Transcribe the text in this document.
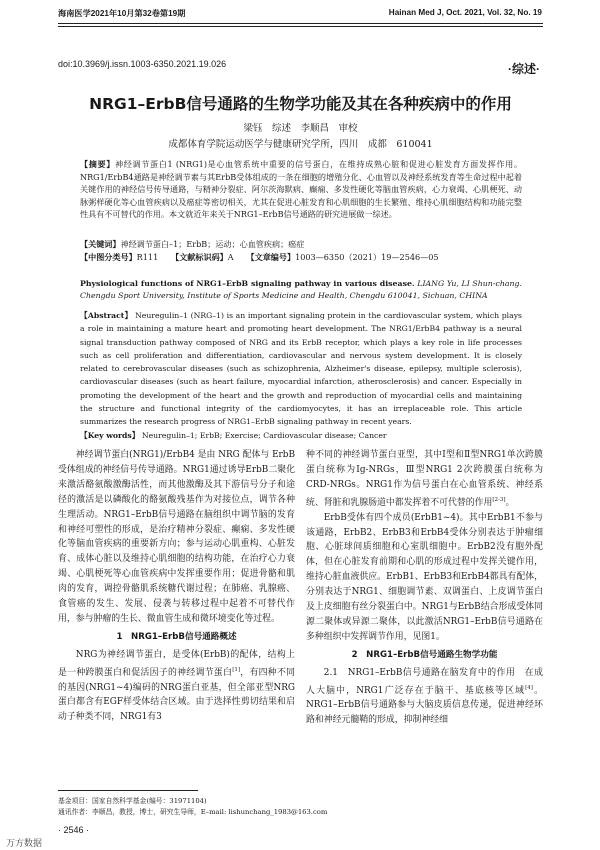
海南医学2021年10月第32卷第19期	Hainan Med J, Oct. 2021, Vol. 32, No. 19
doi:10.3969/j.issn.1003-6350.2021.19.026	·综述·
NRG1–ErbB信号通路的生物学功能及其在各种疾病中的作用
梁钰　综述　李顺昌　审校
成都体育学院运动医学与健康研究学所，四川　成都　610041
【摘要】神经调节蛋白1 (NRG1)是心血管系统中重要的信号蛋白，在维持成熟心脏和促进心脏发育方面发挥作用。NRG1/ErbB4通路是神经调节素与其ErbB受体组成的一条在细胞的增殖分化、心血管以及神经系统发育等生命过程中起着关键作用的神经信号传导通路，与精神分裂症、阿尔茨海默病、癫痫、多发性硬化等脑血管疾病，心力衰竭、心肌梗死、动脉粥样硬化等心血管疾病以及癌症等密切相关，尤其在促进心脏发育和心肌细胞的生长繁殖、维持心肌细胞结构和功能完整性具有不可替代的作用。本文就近年来关于NRG1–ErbB信号通路的研究进展做一综述。
【关键词】神经调节蛋白–1；ErbB；运动；心血管疾病；癌症
【中图分类号】R111 【文献标识码】A 【文章编号】1003—6350（2021）19—2546—05
Physiological functions of NRG1–ErbB signaling pathway in various disease. LIANG Yu, LI Shun-chang. Chengdu Sport University, Institute of Sports Medicine and Health, Chengdu 610041, Sichuan, CHINA
【Abstract】 Neuregulin–1 (NRG–1) is an important signaling protein in the cardiovascular system, which plays a role in maintaining a mature heart and promoting heart development. The NRG1/ErbB4 pathway is a neural signal transduction pathway composed of NRG and its ErbB receptor, which plays a key role in life processes such as cell proliferation and differentiation, cardiovascular and nervous system development. It is closely related to cerebrovascular diseases (such as schizophrenia, Alzheimer's disease, epilepsy, multiple sclerosis), cardiovascular diseases (such as heart failure, myocardial infarction, atherosclerosis) and cancer. Especially in promoting the development of the heart and the growth and reproduction of myocardial cells and maintaining the structure and functional integrity of the cardiomyocytes, it has an irreplaceable role. This article summarizes the research progress of NRG1–ErbB signaling pathway in recent years.
【Key words】 Neuregulin–1; ErbB; Exercise; Cardiovascular disease; Cancer

神经调节蛋白(NRG1)/ErbB4 是由 NRG 配体与 ErbB受体组成的神经信号传导通路。NRG1通过诱导ErbB二聚化来激活酪氨酸激酶活性，而其他激酶及其下游信号分子和途径的激活是以磷酸化的酪氨酸残基作为对接位点，调节各种生理活动。NRG1–ErbB信号通路在脑组织中调节脑的发育和神经可塑性的形成，是治疗精神分裂症、癫痫、多发性硬化等脑血管疾病的重要新方向；参与运动心肌重构、心脏发育、成体心脏以及维持心肌细胞的结构功能，在治疗心力衰竭、心肌梗死等心血管疾病中发挥重要作用；促进骨骼和肌肉的发育，调控骨骼肌系统糖代谢过程；在肺癌、乳腺癌、食管癌的发生、发展、侵袭与转移过程中起着不可替代作用，参与肿瘤的生长、微血管生成和微环境变化等过程。

1　NRG1–ErbB信号通路概述

NRG为神经调节蛋白，是受体(ErbB)的配体，结构上是一种跨膜蛋白和促活因子的神经调节蛋白[1]，有四种不同的基因(NRG1~4)编码的NRG蛋白亚基，但全部亚型NRG蛋白都含有EGF样受体结合区域。由于选择性剪切结果和启动子种类不同，NRG1有3

种不同的神经调节蛋白亚型，其中Ⅰ型和Ⅱ型NRG1单次跨膜蛋白统称为Ig-NRGs，Ⅲ型NRG1 2次跨膜蛋白统称为CRD-NRGs。NRG1作为信号蛋白在心血管系统、神经系统、肾脏和乳腺肠道中都发挥着不可代替的作用[2-3]。

ErbB受体有四个成员(ErbB1~4)。其中ErbB1不参与该通路，ErbB2、ErbB3和ErbB4受体分别表达于肿瘤细胞、心脏球间质细胞和心室肌细胞中。ErbB2没有胞外配体，但在心脏发育前期和心肌的形成过程中发挥关键作用，维持心脏血液供应。ErbB1、ErbB3和ErbB4都具有配体，分别表达于NRG1、细胞调节素、双调蛋白、上皮调节蛋白及上皮细胞有丝分裂蛋白中。NRG1与ErbB结合形成受体同源二聚体或异源二聚体，以此激活NRG1–ErbB信号通路在多种组织中发挥调节作用，见图1。

2　NRG1–ErbB信号通路生物学功能

2.1　NRG1–ErbB信号通路在脑发育中的作用　在成人大脑中，NRG1广泛存在于脑干、基底核等区域[4]。NRG1–ErbB信号通路参与大脑皮质信息传递，促进神经环路和神经元髓鞘的形成，抑制神经细

基金项目：国家自然科学基金(编号：31971104)
通讯作者：李顺昌，教授，博士，研究生导师，E–mail: lishunchang_1983@163.com
· 2546 ·
万方数据
